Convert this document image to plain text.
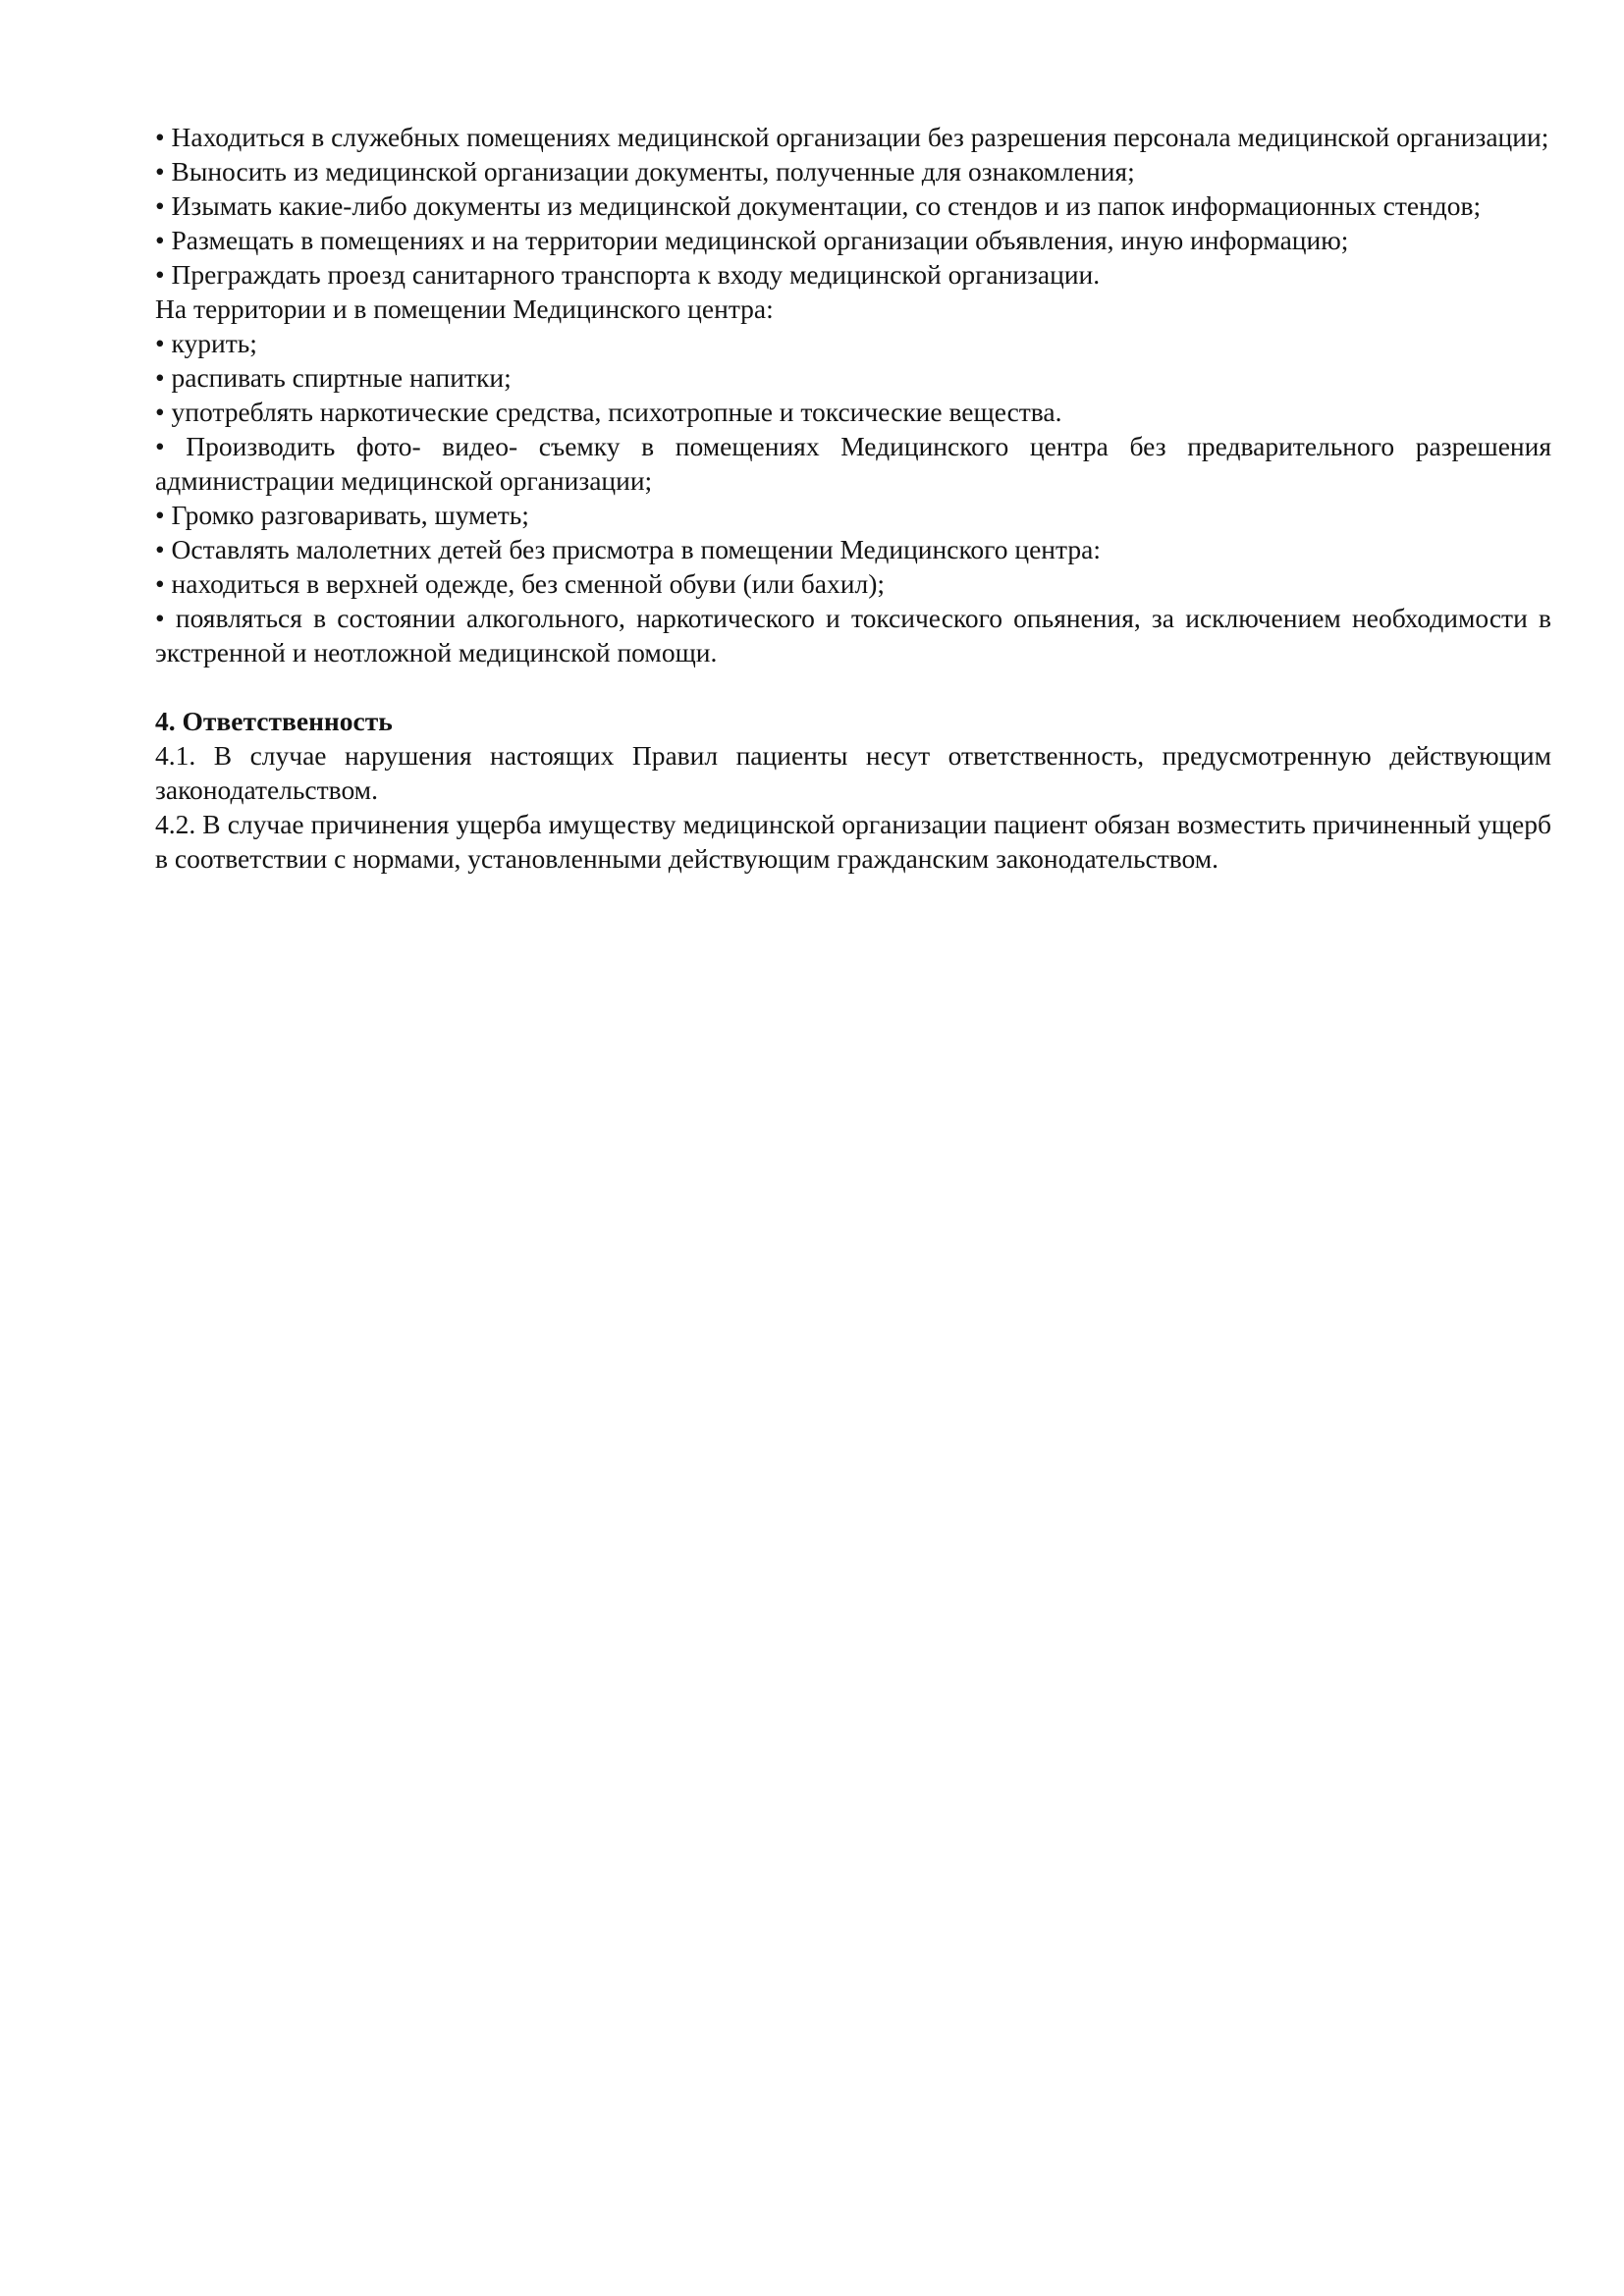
• Находиться в служебных помещениях медицинской организации без разрешения персонала медицинской организации;

• Выносить из медицинской организации документы, полученные для ознакомления;

• Изымать какие-либо документы из медицинской документации, со стендов и из папок информационных стендов;

• Размещать в помещениях и на территории медицинской организации объявления, иную информацию;

• Преграждать проезд санитарного транспорта к входу медицинской организации.

На территории и в помещении Медицинского центра:

• курить;

• распивать спиртные напитки;

• употреблять наркотические средства, психотропные и токсические вещества.

• Производить фото- видео- съемку в помещениях Медицинского центра без предварительного разрешения администрации медицинской организации;

• Громко разговаривать, шуметь;

• Оставлять малолетних детей без присмотра в помещении Медицинского центра:

• находиться в верхней одежде, без сменной обуви (или бахил);

• появляться в состоянии алкогольного, наркотического и токсического опьянения, за исключением необходимости в экстренной и неотложной медицинской помощи.

4. Ответственность

4.1. В случае нарушения настоящих Правил пациенты несут ответственность, предусмотренную действующим законодательством.

4.2. В случае причинения ущерба имуществу медицинской организации пациент обязан возместить причиненный ущерб в соответствии с нормами, установленными действующим гражданским законодательством.
